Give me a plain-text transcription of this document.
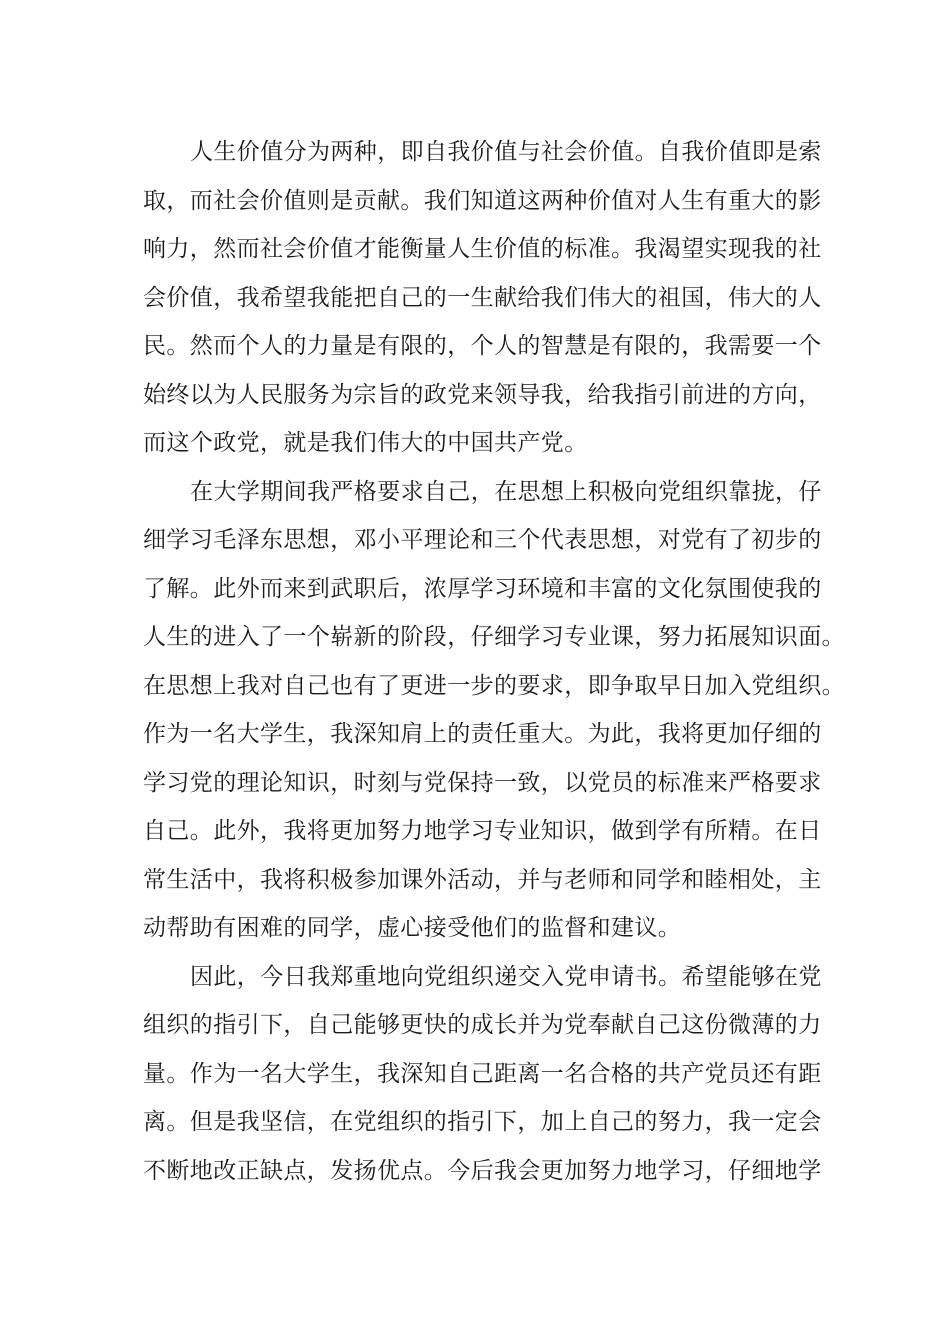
人生价值分为两种，即自我价值与社会价值。自我价值即是索
取，而社会价值则是贡献。我们知道这两种价值对人生有重大的影
响力，然而社会价值才能衡量人生价值的标准。我渴望实现我的社
会价值，我希望我能把自己的一生献给我们伟大的祖国，伟大的人
民。然而个人的力量是有限的，个人的智慧是有限的，我需要一个
始终以为人民服务为宗旨的政党来领导我，给我指引前进的方向，
而这个政党，就是我们伟大的中国共产党。
在大学期间我严格要求自己，在思想上积极向党组织靠拢，仔
细学习毛泽东思想，邓小平理论和三个代表思想，对党有了初步的
了解。此外而来到武职后，浓厚学习环境和丰富的文化氛围使我的
人生的进入了一个崭新的阶段，仔细学习专业课，努力拓展知识面。
在思想上我对自己也有了更进一步的要求，即争取早日加入党组织。
作为一名大学生，我深知肩上的责任重大。为此，我将更加仔细的
学习党的理论知识，时刻与党保持一致，以党员的标准来严格要求
自己。此外，我将更加努力地学习专业知识，做到学有所精。在日
常生活中，我将积极参加课外活动，并与老师和同学和睦相处，主
动帮助有困难的同学，虚心接受他们的监督和建议。
因此，今日我郑重地向党组织递交入党申请书。希望能够在党
组织的指引下，自己能够更快的成长并为党奉献自己这份微薄的力
量。作为一名大学生，我深知自己距离一名合格的共产党员还有距
离。但是我坚信，在党组织的指引下，加上自己的努力，我一定会
不断地改正缺点，发扬优点。今后我会更加努力地学习，仔细地学
